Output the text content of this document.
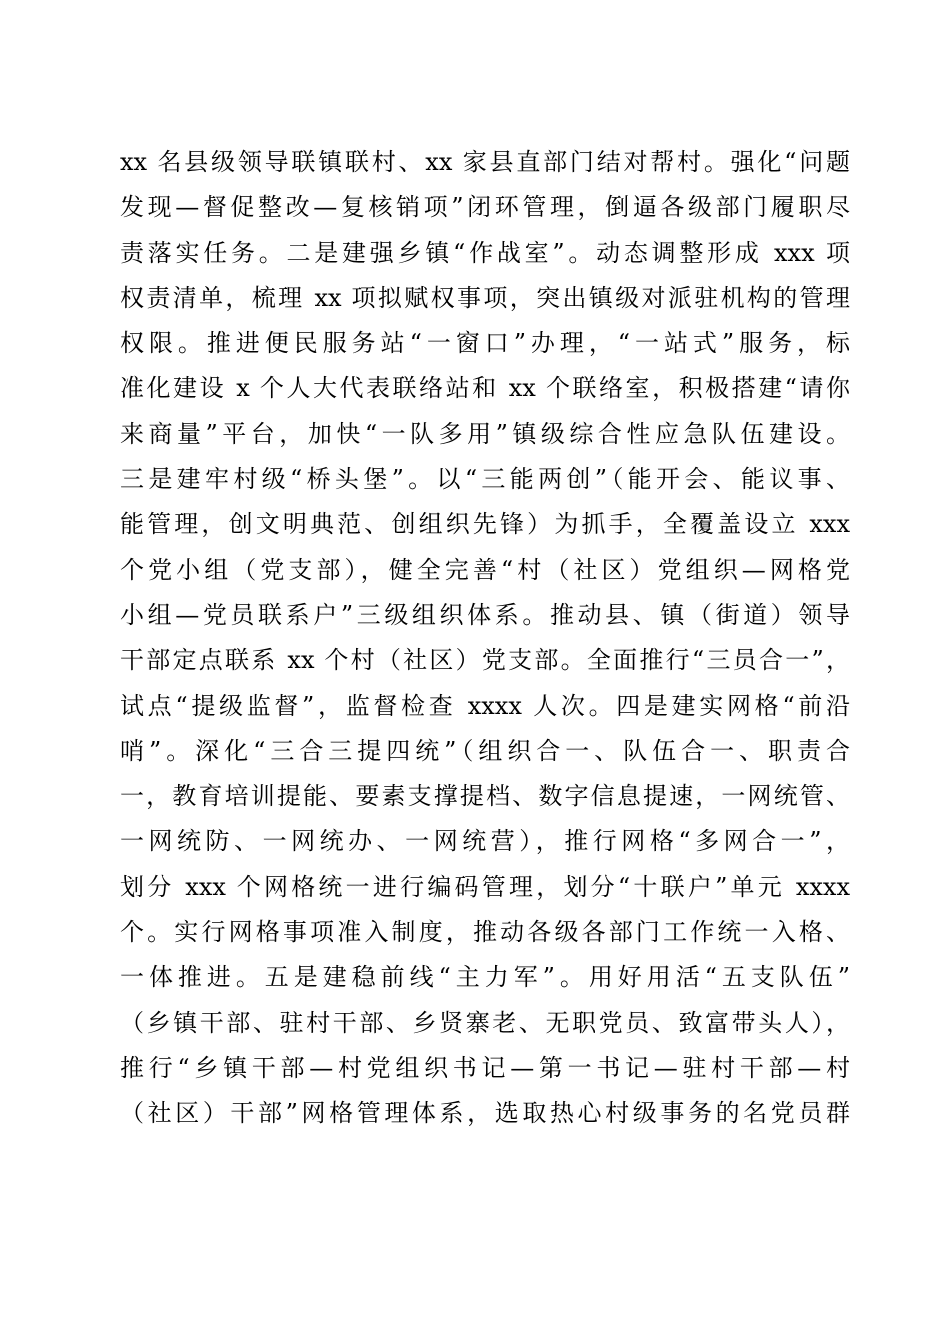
xx 名县级领导联镇联村、xx 家县直部门结对帮村。强化“问题
发现—督促整改—复核销项”闭环管理，倒逼各级部门履职尽
责落实任务。二是建强乡镇“作战室”。动态调整形成 xxx 项
权责清单，梳理 xx 项拟赋权事项，突出镇级对派驻机构的管理
权限。推进便民服务站“一窗口”办理，“一站式”服务，标
准化建设 x 个人大代表联络站和 xx 个联络室，积极搭建“请你
来商量”平台，加快“一队多用”镇级综合性应急队伍建设。
三是建牢村级“桥头堡”。以“三能两创”（能开会、能议事、
能管理，创文明典范、创组织先锋）为抓手，全覆盖设立 xxx
个党小组（党支部），健全完善“村（社区）党组织—网格党
小组—党员联系户”三级组织体系。推动县、镇（街道）领导
干部定点联系 xx 个村（社区）党支部。全面推行“三员合一”，
试点“提级监督”，监督检查 xxxx 人次。四是建实网格“前沿
哨”。深化“三合三提四统”（组织合一、队伍合一、职责合
一，教育培训提能、要素支撑提档、数字信息提速，一网统管、
一网统防、一网统办、一网统营），推行网格“多网合一”，
划分 xxx 个网格统一进行编码管理，划分“十联户”单元 xxxx
个。实行网格事项准入制度，推动各级各部门工作统一入格、
一体推进。五是建稳前线“主力军”。用好用活“五支队伍”
（乡镇干部、驻村干部、乡贤寨老、无职党员、致富带头人），
推行“乡镇干部—村党组织书记—第一书记—驻村干部—村
（社区）干部”网格管理体系，选取热心村级事务的名党员群
